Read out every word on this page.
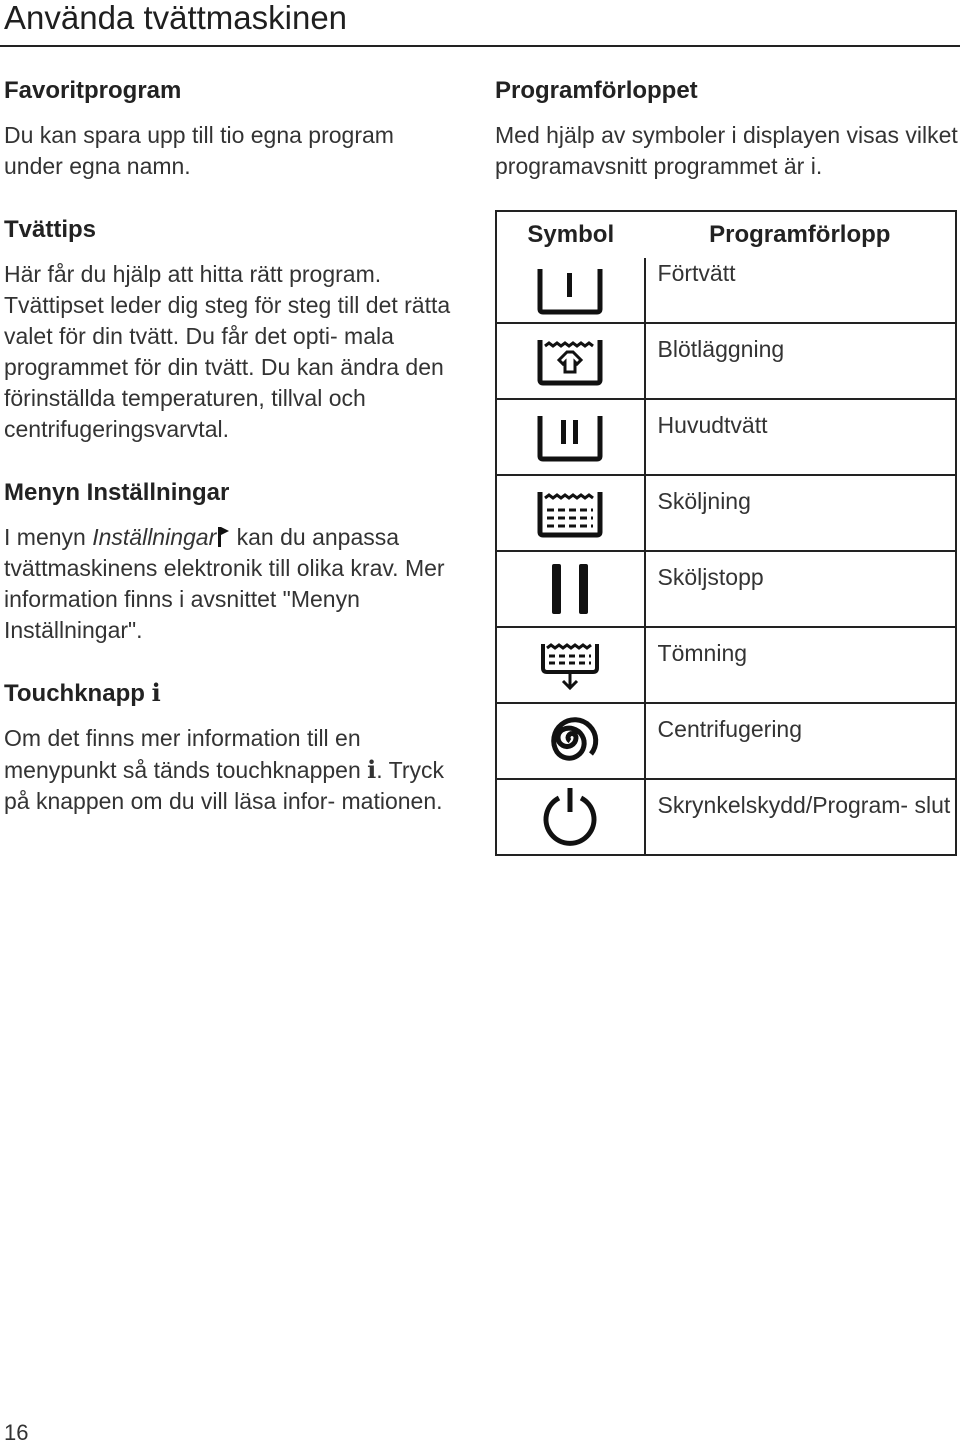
Använda tvättmaskinen
Favoritprogram

Du kan spara upp till tio egna program under egna namn.

Tvättips

Här får du hjälp att hitta rätt program. Tvättipset leder dig steg för steg till det rätta valet för din tvätt. Du får det opti- mala programmet för din tvätt. Du kan ändra den förinställda temperaturen, tillval och centrifugeringsvarvtal.

Menyn Inställningar

I menyn Inställningar kan du anpassa tvättmaskinens elektronik till olika krav. Mer information finns i avsnittet "Menyn Inställningar".

Touchknapp i

Om det finns mer information till en menypunkt så tänds touchknappen i. Tryck på knappen om du vill läsa infor- mationen.

Programförloppet

Med hjälp av symboler i displayen visas vilket programavsnitt programmet är i.

Symbol	Programförlopp

	Förtvätt

	Blötläggning

	Huvudtvätt

	Sköljning

	Sköljstopp

	Tömning

	Centrifugering

	Skrynkelskydd/Program- slut
16
